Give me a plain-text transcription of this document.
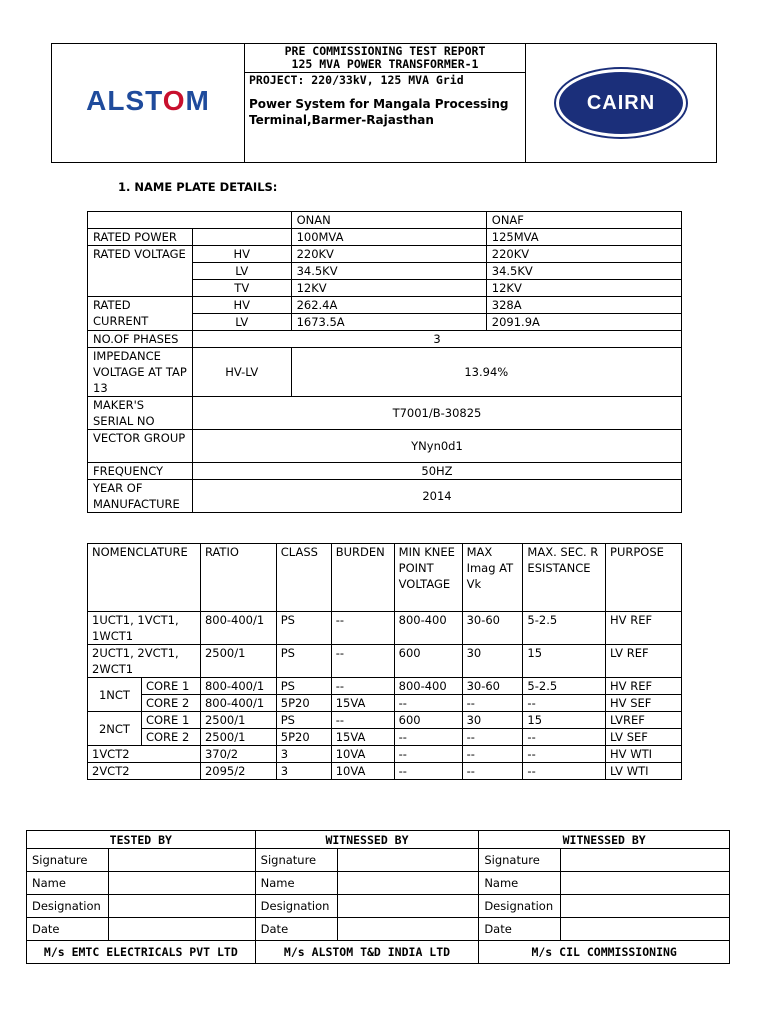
ALSTOM	
PRE COMMISSIONING TEST REPORT
125 MVA POWER TRANSFORMER-1
	CAIRN

PROJECT: 220/33kV, 125 MVA Grid
Power System for Mangala Processing
Terminal,Barmer-Rajasthan
1. NAME PLATE DETAILS:
		ONAN	ONAF
RATED POWER		100MVA	125MVA
RATED VOLTAGE	HV	220KV	220KV
	LV	34.5KV	34.5KV
	TV	12KV	12KV
RATED CURRENT	HV	262.4A	328A
	LV	1673.5A	2091.9A
NO.OF PHASES	3		
IMPEDANCE VOLTAGE AT TAP 13	HV-LV	13.94%	
MAKER'S SERIAL NO	T7001/B-30825		
VECTOR GROUP	YNyn0d1		
FREQUENCY	50HZ		
YEAR OF MANUFACTURE	2014		
NOMENCLATURE		RATIO	CLASS	BURDEN	MIN KNEE POINT VOLTAGE	MAX Imag AT Vk	MAX. SEC. RESISTANCE	PURPOSE
1UCT1, 1VCT1, 1WCT1		800-400/1	PS	--	800-400	30-60	5-2.5	HV REF
2UCT1, 2VCT1, 2WCT1		2500/1	PS	--	600	30	15	LV REF
1NCT	CORE 1	800-400/1	PS	--	800-400	30-60	5-2.5	HV REF
	CORE 2	800-400/1	5P20	15VA	--	--	--	HV SEF
2NCT	CORE 1	2500/1	PS	--	600	30	15	LVREF
	CORE 2	2500/1	5P20	15VA	--	--	--	LV SEF
1VCT2		370/2	3	10VA	--	--	--	HV WTI
2VCT2		2095/2	3	10VA	--	--	--	LV WTI
TESTED BY		WITNESSED BY		WITNESSED BY	
Signature		Signature		Signature	
Name		Name		Name	
Designation		Designation		Designation	
Date		Date		Date	
M/s EMTC ELECTRICALS PVT LTD		M/s ALSTOM T&D INDIA LTD		M/s CIL COMMISSIONING	
